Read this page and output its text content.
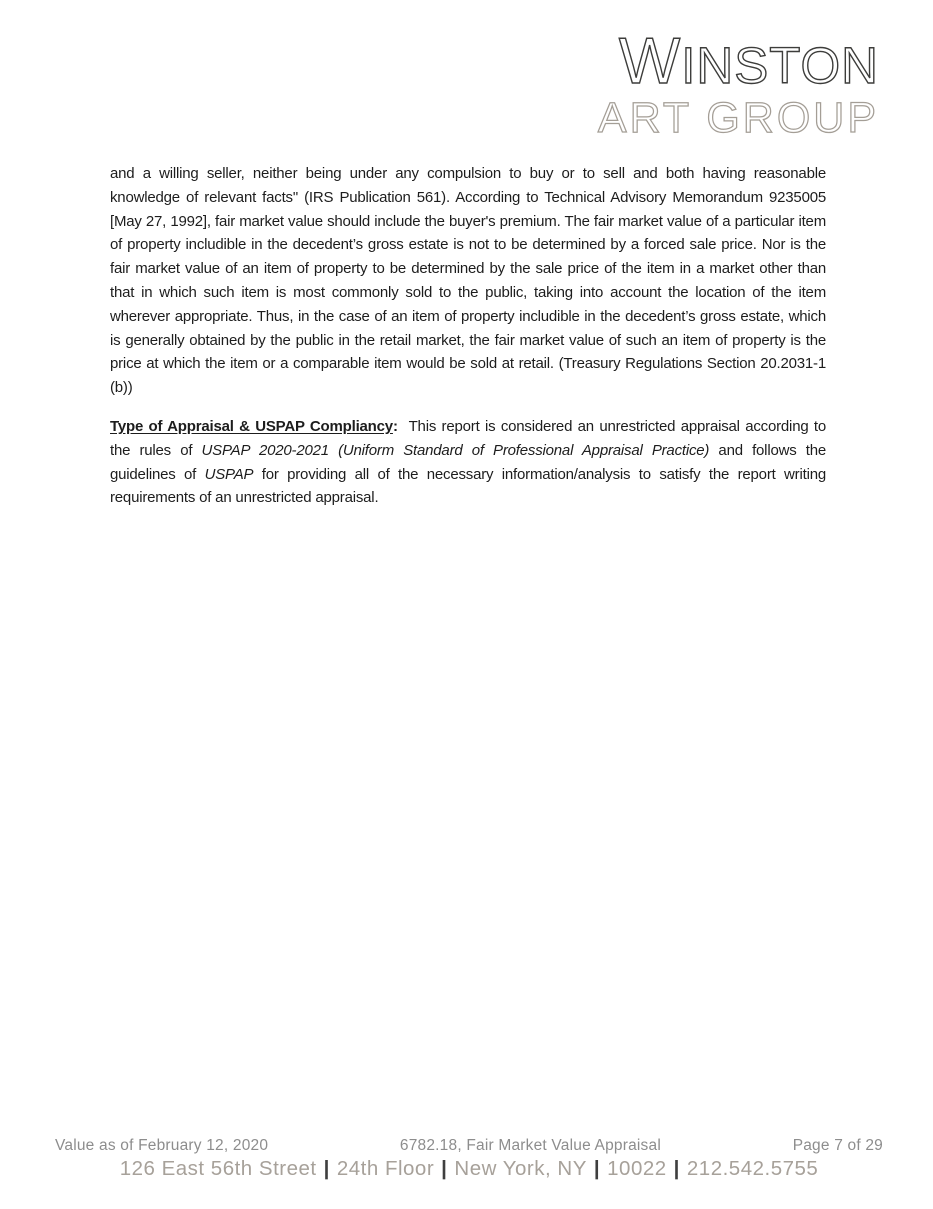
WINSTON
ART GROUP

and a willing seller, neither being under any compulsion to buy or to sell and both having reasonable knowledge of relevant facts" (IRS Publication 561). According to Technical Advisory Memorandum 9235005 [May 27, 1992], fair market value should include the buyer's premium. The fair market value of a particular item of property includible in the decedent’s gross estate is not to be determined by a forced sale price. Nor is the fair market value of an item of property to be determined by the sale price of the item in a market other than that in which such item is most commonly sold to the public, taking into account the location of the item wherever appropriate. Thus, in the case of an item of property includible in the decedent’s gross estate, which is generally obtained by the public in the retail market, the fair market value of such an item of property is the price at which the item or a comparable item would be sold at retail. (Treasury Regulations Section 20.2031-1 (b))

Type of Appraisal & USPAP Compliancy:  This report is considered an unrestricted appraisal according to the rules of USPAP 2020-2021 (Uniform Standard of Professional Appraisal Practice) and follows the guidelines of USPAP for providing all of the necessary information/analysis to satisfy the report writing requirements of an unrestricted appraisal.

Value as of February 12, 2020	6782.18, Fair Market Value Appraisal	Page 7 of 29
126 East 56th Street | 24th Floor | New York, NY | 10022 | 212.542.5755
